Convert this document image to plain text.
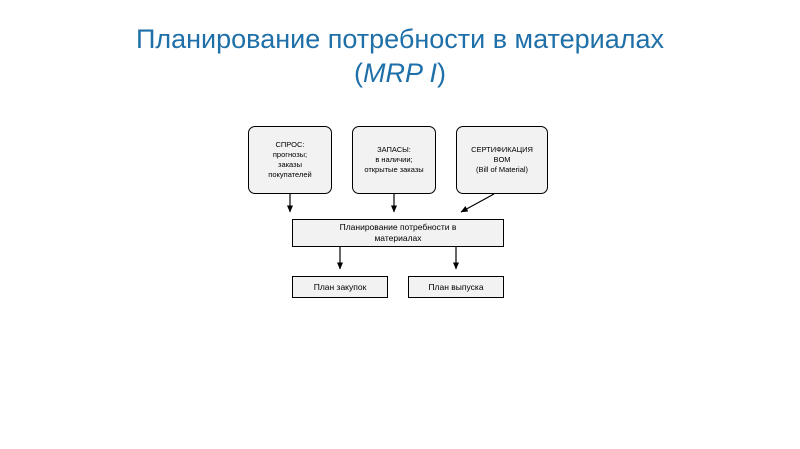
Планирование потребности в материалах
(MRP I)
СПРОС:
прогнозы;
заказы
покупателей
ЗАПАСЫ:
в наличии;
открытые заказы
СЕРТИФИКАЦИЯ
BOM
(Bill of Material)
Планирование потребности в
материалах
План закупок	План выпуска
